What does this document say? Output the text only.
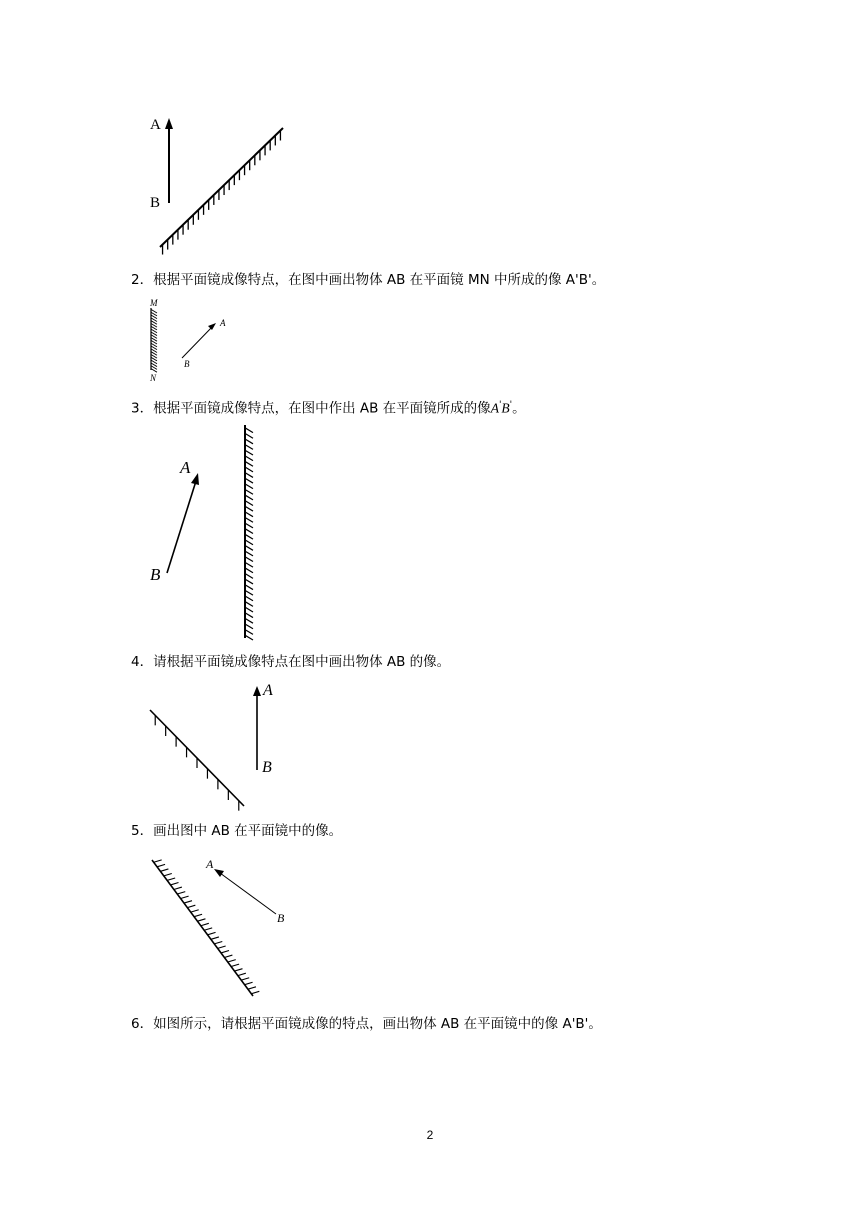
A
B
2．根据平面镜成像特点，在图中画出物体 AB 在平面镜 MN 中所成的像 A'B'。
M
N
A
B
3．根据平面镜成像特点，在图中作出 AB 在平面镜所成的像A'B'。
A
B
4．请根据平面镜成像特点在图中画出物体 AB 的像。
A
B
5．画出图中 AB 在平面镜中的像。
A
B
6．如图所示，请根据平面镜成像的特点，画出物体 AB 在平面镜中的像 A'B'。
2
